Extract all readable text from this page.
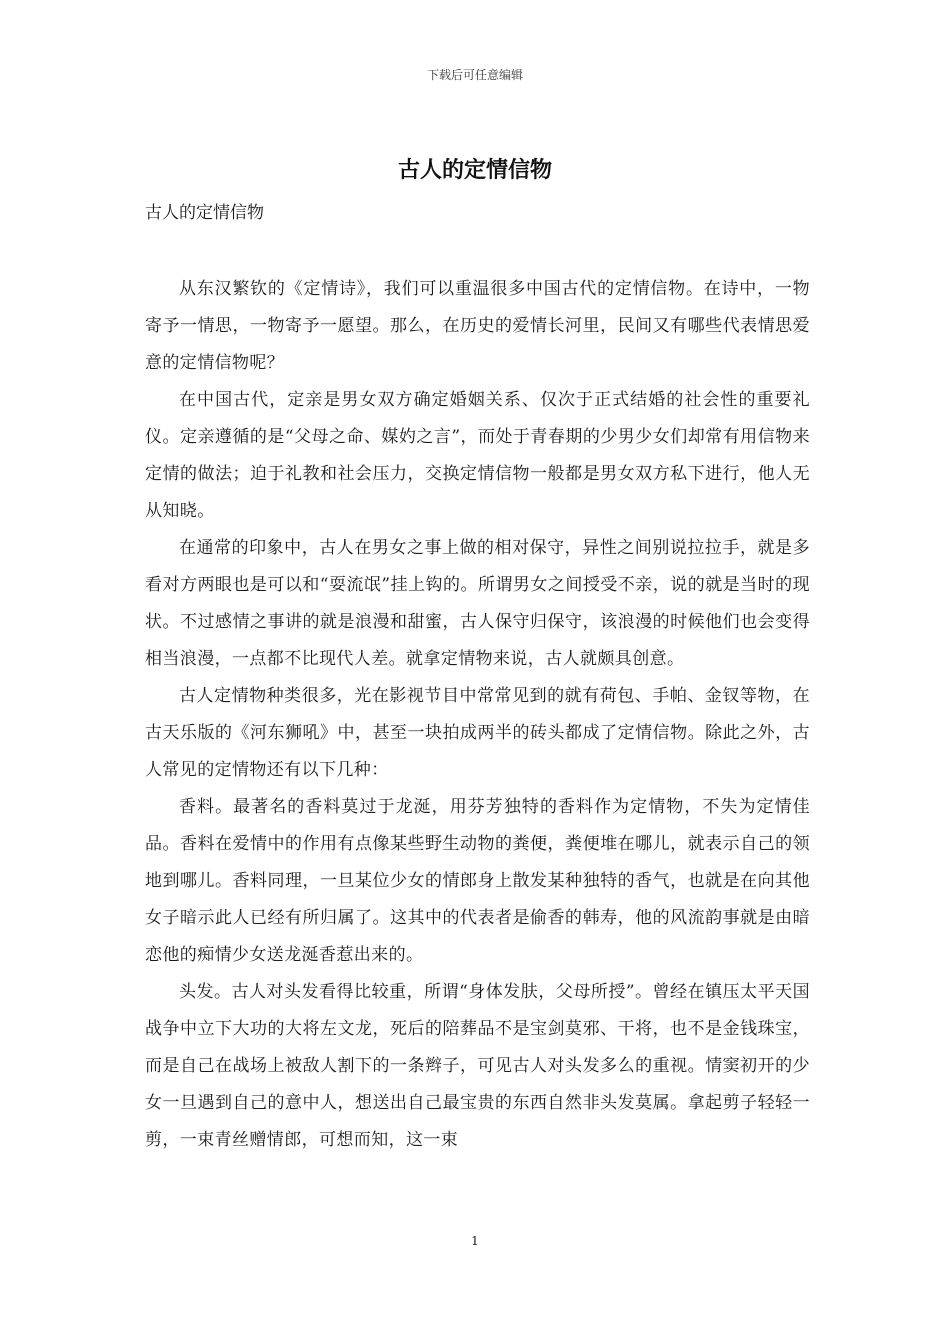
下载后可任意编辑
古人的定情信物

古人的定情信物

从东汉繁钦的《定情诗》，我们可以重温很多中国古代的定情信物。在诗中，一物寄予一情思，一物寄予一愿望。那么，在历史的爱情长河里，民间又有哪些代表情思爱意的定情信物呢？

在中国古代，定亲是男女双方确定婚姻关系、仅次于正式结婚的社会性的重要礼仪。定亲遵循的是“父母之命、媒妁之言”，而处于青春期的少男少女们却常有用信物来定情的做法；迫于礼教和社会压力，交换定情信物一般都是男女双方私下进行，他人无从知晓。

在通常的印象中，古人在男女之事上做的相对保守，异性之间别说拉拉手，就是多看对方两眼也是可以和“耍流氓”挂上钩的。所谓男女之间授受不亲，说的就是当时的现状。不过感情之事讲的就是浪漫和甜蜜，古人保守归保守，该浪漫的时候他们也会变得相当浪漫，一点都不比现代人差。就拿定情物来说，古人就颇具创意。

古人定情物种类很多，光在影视节目中常常见到的就有荷包、手帕、金钗等物，在古天乐版的《河东狮吼》中，甚至一块拍成两半的砖头都成了定情信物。除此之外，古人常见的定情物还有以下几种：

香料。最著名的香料莫过于龙涎，用芬芳独特的香料作为定情物，不失为定情佳品。香料在爱情中的作用有点像某些野生动物的粪便，粪便堆在哪儿，就表示自己的领地到哪儿。香料同理，一旦某位少女的情郎身上散发某种独特的香气，也就是在向其他女子暗示此人已经有所归属了。这其中的代表者是偷香的韩寿，他的风流韵事就是由暗恋他的痴情少女送龙涎香惹出来的。

头发。古人对头发看得比较重，所谓“身体发肤，父母所授”。曾经在镇压太平天国战争中立下大功的大将左文龙，死后的陪葬品不是宝剑莫邪、干将，也不是金钱珠宝，而是自己在战场上被敌人割下的一条辫子，可见古人对头发多么的重视。情窦初开的少女一旦遇到自己的意中人，想送出自己最宝贵的东西自然非头发莫属。拿起剪子轻轻一剪，一束青丝赠情郎，可想而知，这一束

1
